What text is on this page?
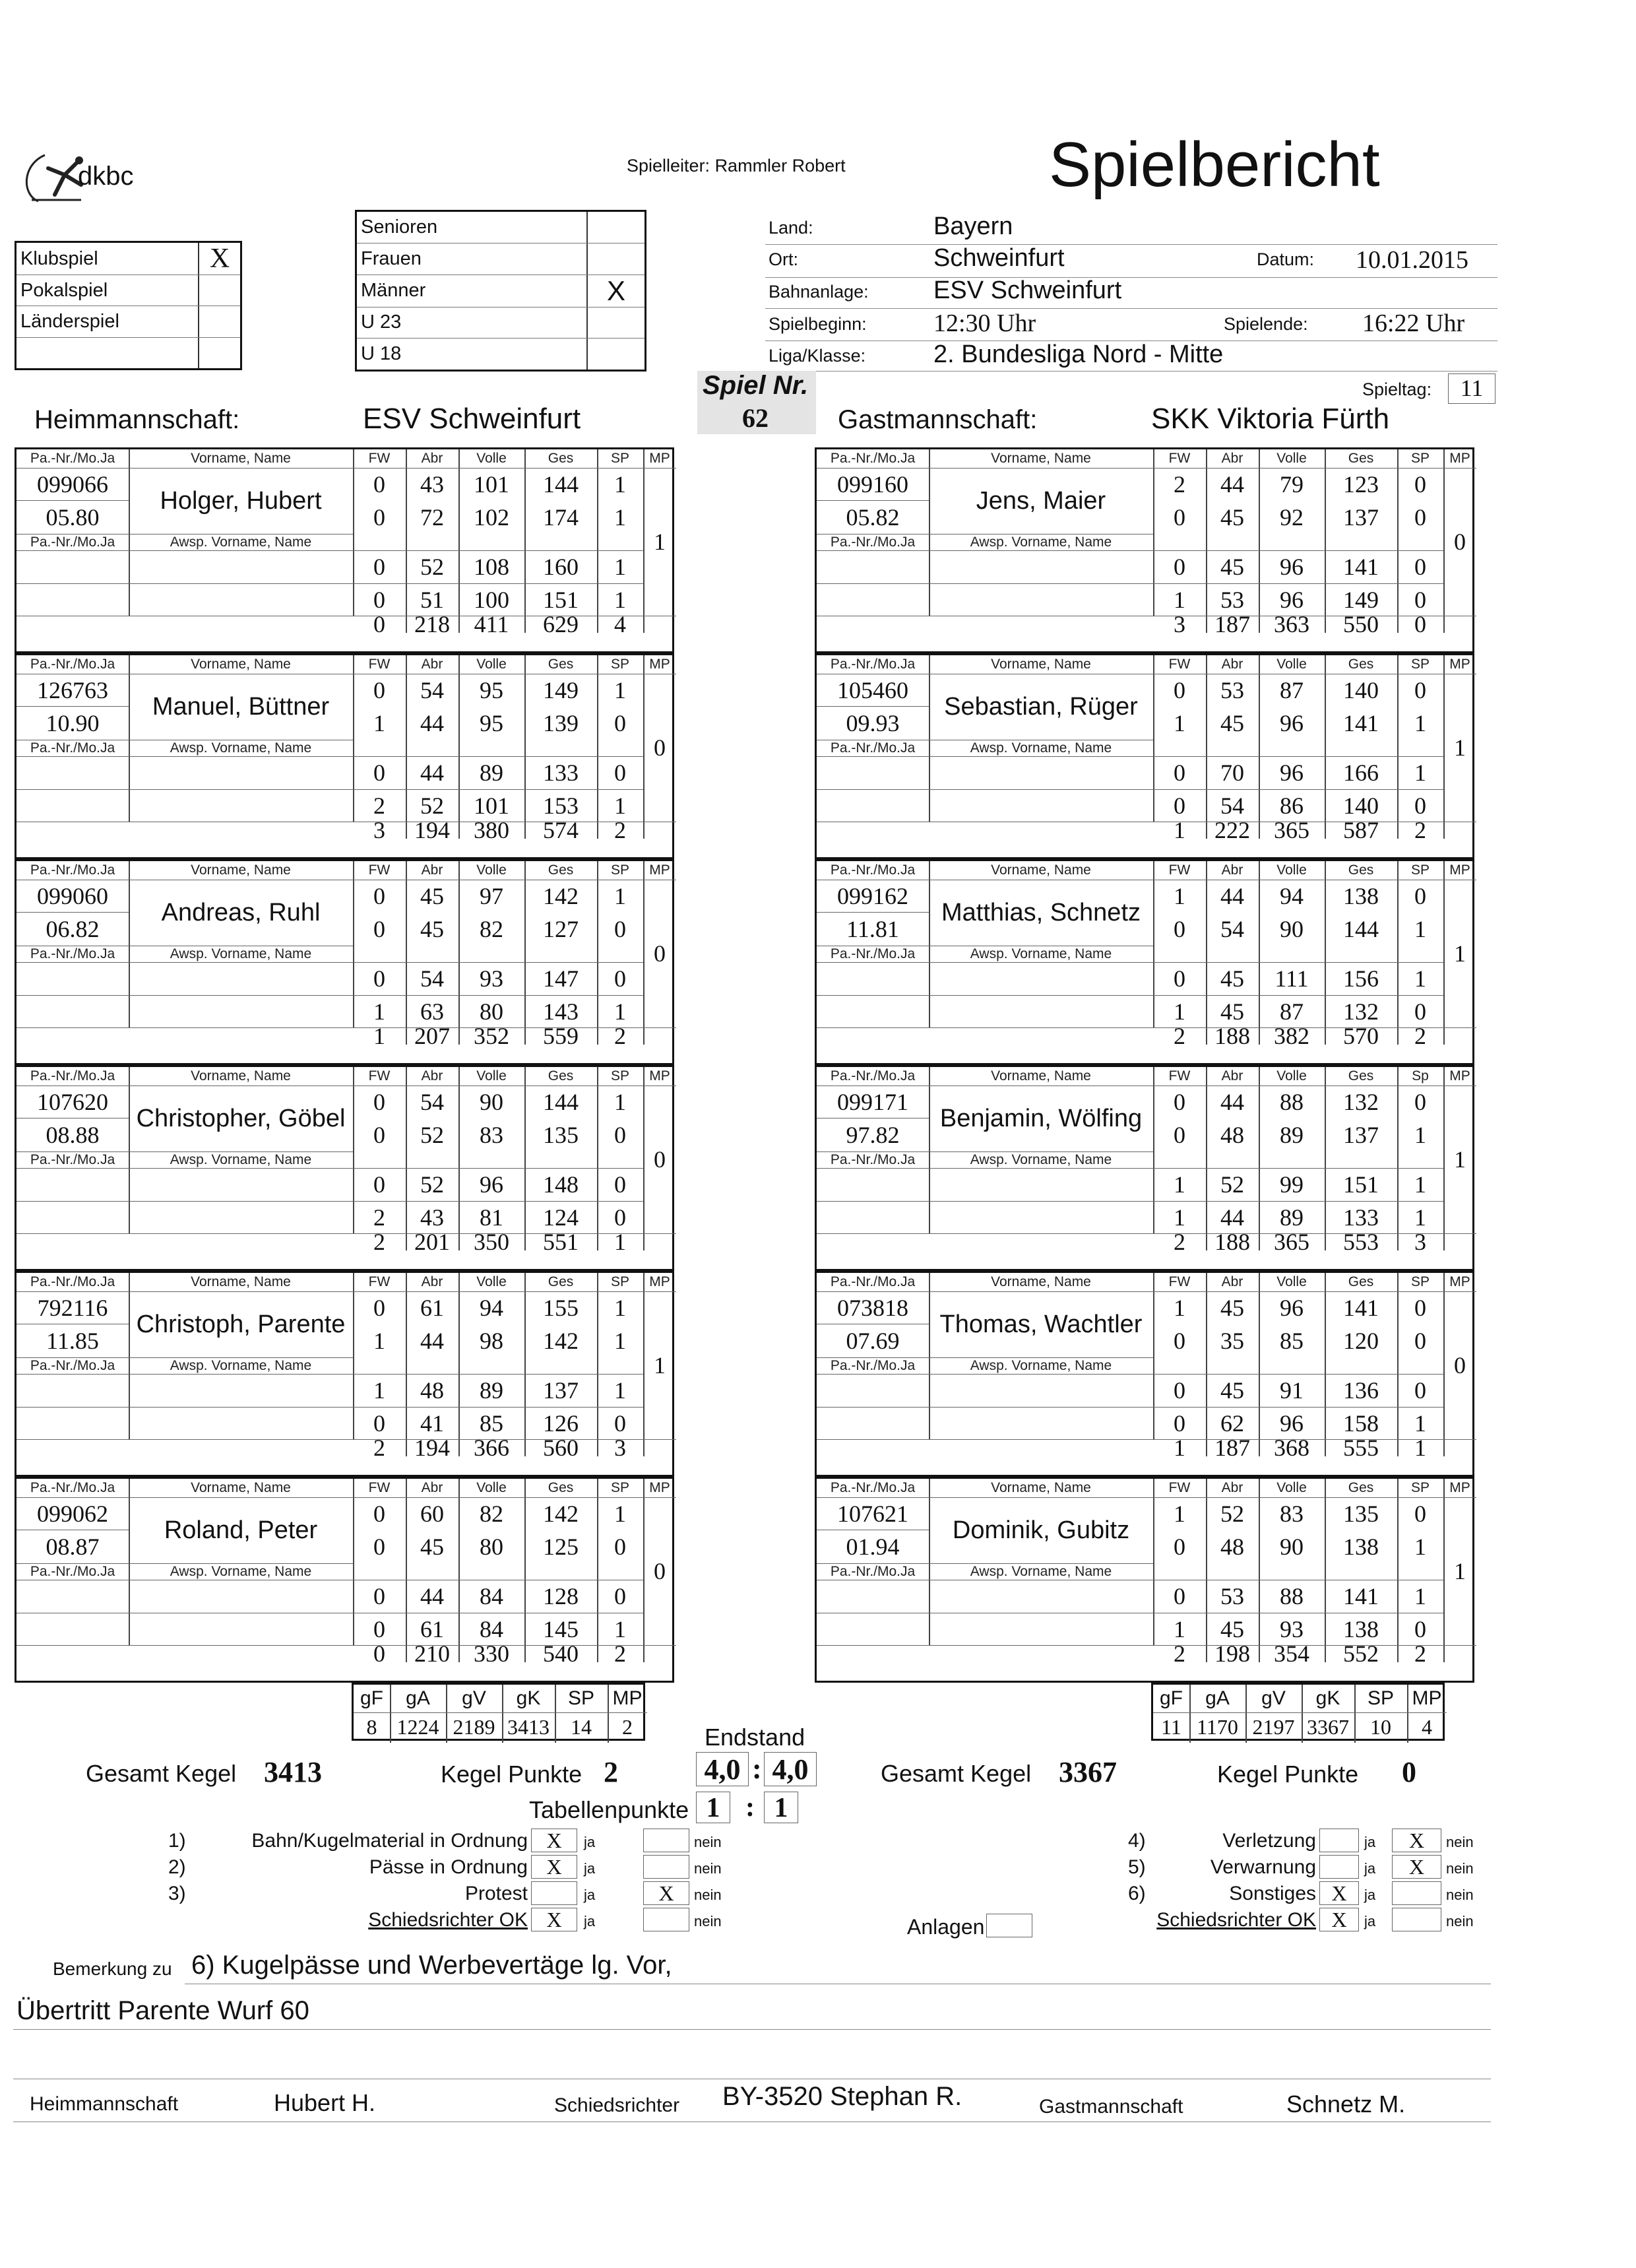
dkbc	Spielleiter: Rammler Robert	Spielbericht
Klubspiel	X
Pokalspiel
Länderspiel
Senioren
Frauen
Männer	X
U 23
U 18
Land:	Bayern
Ort:	Schweinfurt	Datum: 10.01.2015
Bahnanlage:	ESV Schweinfurt
Spielbeginn:	12:30 Uhr	Spielende: 16:22 Uhr
Liga/Klasse:	2. Bundesliga Nord - Mitte
Spiel Nr.
62
Spieltag:	11
Heimmannschaft:	ESV Schweinfurt	Gastmannschaft:	SKK Viktoria Fürth
Pa.-Nr./Mo.Ja	Vorname, Name	FW	Abr	Volle	Ges	SP	MP
Pa.-Nr./Mo.Ja	Awsp. Vorname, Name
099066
05.80
Holger, Hubert
0	43	101	144	1
0	72	102	174	1
0	52	108	160	1
0	51	100	151	1
0	218	411	629	4
1
Pa.-Nr./Mo.Ja	Vorname, Name	FW	Abr	Volle	Ges	SP	MP
Pa.-Nr./Mo.Ja	Awsp. Vorname, Name
126763
10.90
Manuel, Büttner
0	54	95	149	1
1	44	95	139	0
0	44	89	133	0
2	52	101	153	1
3	194	380	574	2
0
Pa.-Nr./Mo.Ja	Vorname, Name	FW	Abr	Volle	Ges	SP	MP
Pa.-Nr./Mo.Ja	Awsp. Vorname, Name
099060
06.82
Andreas, Ruhl
0	45	97	142	1
0	45	82	127	0
0	54	93	147	0
1	63	80	143	1
1	207	352	559	2
0
Pa.-Nr./Mo.Ja	Vorname, Name	FW	Abr	Volle	Ges	SP	MP
Pa.-Nr./Mo.Ja	Awsp. Vorname, Name
107620
08.88
Christopher, Göbel
0	54	90	144	1
0	52	83	135	0
0	52	96	148	0
2	43	81	124	0
2	201	350	551	1
0
Pa.-Nr./Mo.Ja	Vorname, Name	FW	Abr	Volle	Ges	SP	MP
Pa.-Nr./Mo.Ja	Awsp. Vorname, Name
792116
11.85
Christoph, Parente
0	61	94	155	1
1	44	98	142	1
1	48	89	137	1
0	41	85	126	0
2	194	366	560	3
1
Pa.-Nr./Mo.Ja	Vorname, Name	FW	Abr	Volle	Ges	SP	MP
Pa.-Nr./Mo.Ja	Awsp. Vorname, Name
099062
08.87
Roland, Peter
0	60	82	142	1
0	45	80	125	0
0	44	84	128	0
0	61	84	145	1
0	210	330	540	2
0
Pa.-Nr./Mo.Ja	Vorname, Name	FW	Abr	Volle	Ges	SP	MP
Pa.-Nr./Mo.Ja	Awsp. Vorname, Name
099160
05.82
Jens, Maier
2	44	79	123	0
0	45	92	137	0
0	45	96	141	0
1	53	96	149	0
3	187	363	550	0
0
Pa.-Nr./Mo.Ja	Vorname, Name	FW	Abr	Volle	Ges	SP	MP
Pa.-Nr./Mo.Ja	Awsp. Vorname, Name
105460
09.93
Sebastian, Rüger
0	53	87	140	0
1	45	96	141	1
0	70	96	166	1
0	54	86	140	0
1	222	365	587	2
1
Pa.-Nr./Mo.Ja	Vorname, Name	FW	Abr	Volle	Ges	SP	MP
Pa.-Nr./Mo.Ja	Awsp. Vorname, Name
099162
11.81
Matthias, Schnetz
1	44	94	138	0
0	54	90	144	1
0	45	111	156	1
1	45	87	132	0
2	188	382	570	2
1
Pa.-Nr./Mo.Ja	Vorname, Name	FW	Abr	Volle	Ges	Sp	MP
Pa.-Nr./Mo.Ja	Awsp. Vorname, Name
099171
97.82
Benjamin, Wölfing
0	44	88	132	0
0	48	89	137	1
1	52	99	151	1
1	44	89	133	1
2	188	365	553	3
1
Pa.-Nr./Mo.Ja	Vorname, Name	FW	Abr	Volle	Ges	SP	MP
Pa.-Nr./Mo.Ja	Awsp. Vorname, Name
073818
07.69
Thomas, Wachtler
1	45	96	141	0
0	35	85	120	0
0	45	91	136	0
0	62	96	158	1
1	187	368	555	1
0
Pa.-Nr./Mo.Ja	Vorname, Name	FW	Abr	Volle	Ges	SP	MP
Pa.-Nr./Mo.Ja	Awsp. Vorname, Name
107621
01.94
Dominik, Gubitz
1	52	83	135	0
0	48	90	138	1
0	53	88	141	1
1	45	93	138	0
2	198	354	552	2
1
gF	gA	gV	gK	SP MP
8 1224 2189 3413	14	2
gF	gA	gV	gK	SP MP
11 1170 2197 3367	10	4
Endstand
Gesamt Kegel 3413	Kegel Punkte 2	4,0 : 4,0	Gesamt Kegel 3367	Kegel Punkte 0
Tabellenpunkte 1 : 1
1)	Bahn/Kugelmaterial in Ordnung X	ja	nein
2)	Pässe in Ordnung X	ja	nein
3)	Protest	ja	X	nein
Schiedsrichter OK X	ja	nein
4)	Verletzung	ja	X	nein
5)	Verwarnung	ja	X	nein
6)	Sonstiges X	ja	nein
Schiedsrichter OK X	ja	nein
Anlagen
Bemerkung zu 6) Kugelpässe und Werbevertäge lg. Vor,
Übertritt Parente Wurf 60
Heimmannschaft	Hubert H.	Schiedsrichter BY-3520 Stephan R.	Gastmannschaft	Schnetz M.
